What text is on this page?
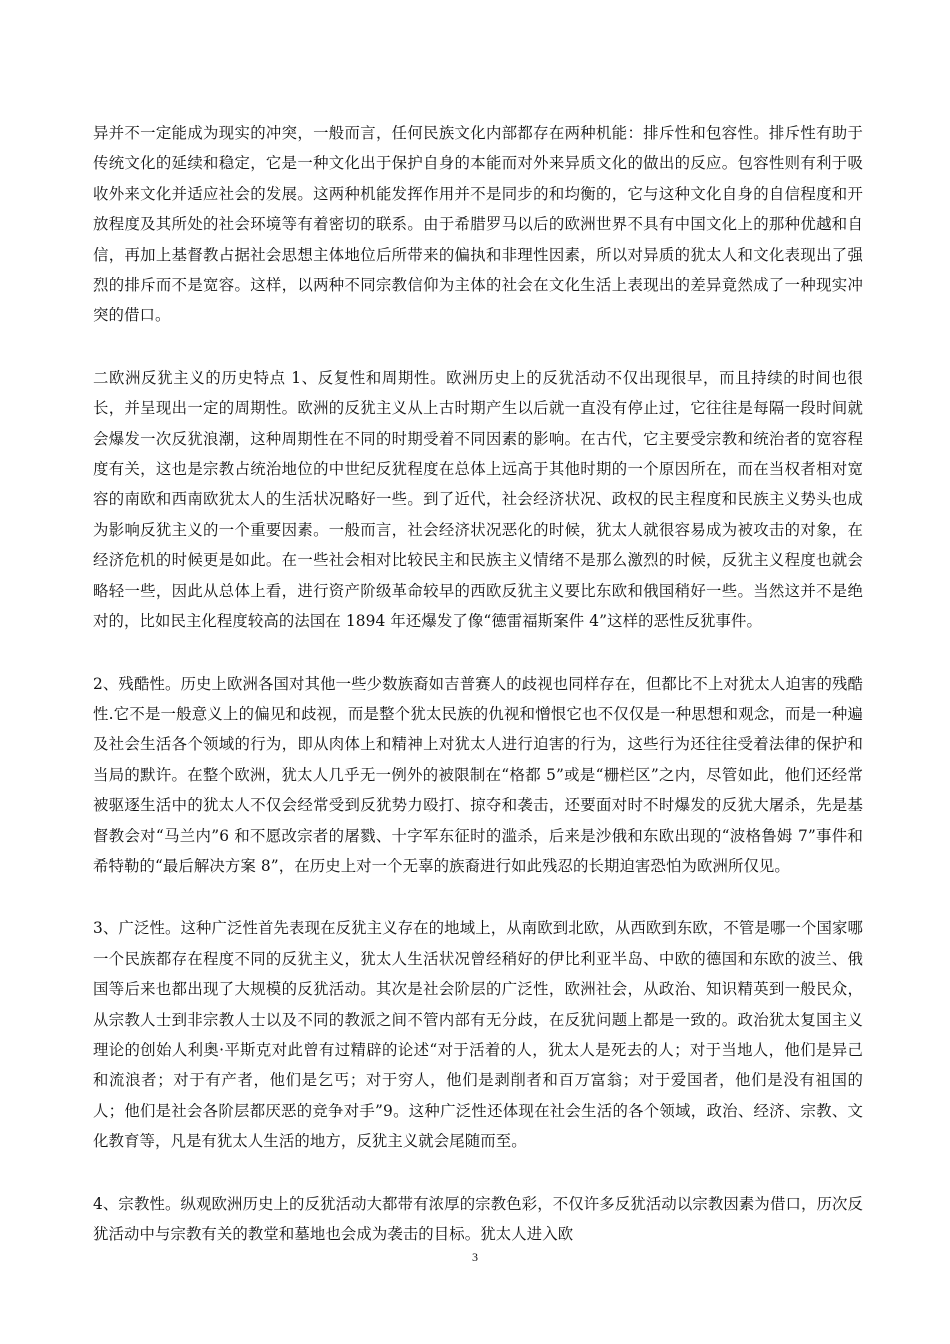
异并不一定能成为现实的冲突，一般而言，任何民族文化内部都存在两种机能：排斥性和包容性。排斥性有助于传统文化的延续和稳定，它是一种文化出于保护自身的本能而对外来异质文化的做出的反应。包容性则有利于吸收外来文化并适应社会的发展。这两种机能发挥作用并不是同步的和均衡的，它与这种文化自身的自信程度和开放程度及其所处的社会环境等有着密切的联系。由于希腊罗马以后的欧洲世界不具有中国文化上的那种优越和自信，再加上基督教占据社会思想主体地位后所带来的偏执和非理性因素，所以对异质的犹太人和文化表现出了强烈的排斥而不是宽容。这样，以两种不同宗教信仰为主体的社会在文化生活上表现出的差异竟然成了一种现实冲突的借口。

二欧洲反犹主义的历史特点 1、反复性和周期性。欧洲历史上的反犹活动不仅出现很早，而且持续的时间也很长，并呈现出一定的周期性。欧洲的反犹主义从上古时期产生以后就一直没有停止过，它往往是每隔一段时间就会爆发一次反犹浪潮，这种周期性在不同的时期受着不同因素的影响。在古代，它主要受宗教和统治者的宽容程度有关，这也是宗教占统治地位的中世纪反犹程度在总体上远高于其他时期的一个原因所在，而在当权者相对宽容的南欧和西南欧犹太人的生活状况略好一些。到了近代，社会经济状况、政权的民主程度和民族主义势头也成为影响反犹主义的一个重要因素。一般而言，社会经济状况恶化的时候，犹太人就很容易成为被攻击的对象，在经济危机的时候更是如此。在一些社会相对比较民主和民族主义情绪不是那么激烈的时候，反犹主义程度也就会略轻一些，因此从总体上看，进行资产阶级革命较早的西欧反犹主义要比东欧和俄国稍好一些。当然这并不是绝对的，比如民主化程度较高的法国在 1894 年还爆发了像“德雷福斯案件 4”这样的恶性反犹事件。

2、残酷性。历史上欧洲各国对其他一些少数族裔如吉普赛人的歧视也同样存在，但都比不上对犹太人迫害的残酷性.它不是一般意义上的偏见和歧视，而是整个犹太民族的仇视和憎恨它也不仅仅是一种思想和观念，而是一种遍及社会生活各个领域的行为，即从肉体上和精神上对犹太人进行迫害的行为，这些行为还往往受着法律的保护和当局的默许。在整个欧洲，犹太人几乎无一例外的被限制在“格都 5”或是“栅栏区”之内，尽管如此，他们还经常被驱逐生活中的犹太人不仅会经常受到反犹势力殴打、掠夺和袭击，还要面对时不时爆发的反犹大屠杀，先是基督教会对“马兰内”6 和不愿改宗者的屠戮、十字军东征时的滥杀，后来是沙俄和东欧出现的“波格鲁姆 7”事件和希特勒的“最后解决方案 8”，在历史上对一个无辜的族裔进行如此残忍的长期迫害恐怕为欧洲所仅见。

3、广泛性。这种广泛性首先表现在反犹主义存在的地域上，从南欧到北欧，从西欧到东欧，不管是哪一个国家哪一个民族都存在程度不同的反犹主义，犹太人生活状况曾经稍好的伊比利亚半岛、中欧的德国和东欧的波兰、俄国等后来也都出现了大规模的反犹活动。其次是社会阶层的广泛性，欧洲社会，从政治、知识精英到一般民众，从宗教人士到非宗教人士以及不同的教派之间不管内部有无分歧，在反犹问题上都是一致的。政治犹太复国主义理论的创始人利奥·平斯克对此曾有过精辟的论述“对于活着的人，犹太人是死去的人；对于当地人，他们是异己和流浪者；对于有产者，他们是乞丐；对于穷人，他们是剥削者和百万富翁；对于爱国者，他们是没有祖国的人；他们是社会各阶层都厌恶的竞争对手”9。这种广泛性还体现在社会生活的各个领域，政治、经济、宗教、文化教育等，凡是有犹太人生活的地方，反犹主义就会尾随而至。

4、宗教性。纵观欧洲历史上的反犹活动大都带有浓厚的宗教色彩，不仅许多反犹活动以宗教因素为借口，历次反犹活动中与宗教有关的教堂和墓地也会成为袭击的目标。犹太人进入欧

3
